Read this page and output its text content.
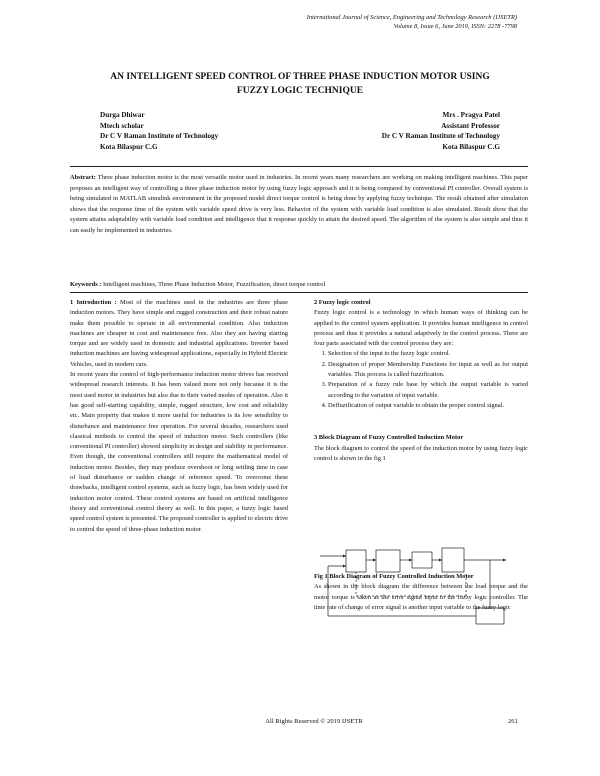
International Journal of Science, Engineering and Technology Research (IJSETR)
Volume 8, Issue 6, June 2019, ISSN: 2278 -7798
AN INTELLIGENT SPEED CONTROL OF THREE PHASE INDUCTION MOTOR USING
FUZZY LOGIC TECHNIQUE
Durga Dhiwar
Mtech scholar
Dr C V Raman Institute of Technology
Kota Bilaspur C.G
Mrs . Pragya Patel
Assistant Professor
Dr C V Raman Institute of Technology
Kota Bilaspur C.G
Abstract: Three phase induction motor is the most versatile motor used in industries. In recent years many researchers are working on making intelligent machines. This paper proposes an intelligent way of controlling a three phase induction motor by using fuzzy logic approach and it is being compared by conventional PI controller. Overall system is being simulated in MATLAB simulink environment in the proposed model direct torque control is being done by applying fuzzy technique. The result obtained after simulation shows that the response time of the system with variable speed drive is very less. Behavior of the system with variable load condition is also simulated. Result show that the system attains adaptability with variable load condition and intelligence that it response quickly to attain the desired speed. The algorithm of the system is also simple and thus it can easily be implemented in industries.
Keywords : Intelligent machines, Three Phase Induction Motor, Fuzzification, direct torque control

1 Introduction : Most of the machines used in the industries are three phase induction motors. They have simple and rugged construction and their robust nature make them possible to operate in all environmental condition. Also induction machines are cheaper in cost and maintenance free. Also they are having starting torque and are widely used in domestic and industrial applications. Inverter based induction machines are having widespread applications, especially in Hybrid Electric Vehicles, used in modern cars.

In recent years the control of high-performance induction motor drives has received widespread research interests. It has been valued more not only because it is the most used motor in industries but also due to their varied modes of operation. Also it has good self-starting capability, simple, rugged structure, low cost and reliability etc. Main property that makes it more useful for industries is its low sensibility to disturbance and maintenance free operation. For several decades, researchers used classical methods to control the speed of induction motor. Such controllers (like conventional PI controller) showed simplicity in design and stability in performance. Even though, the conventional controllers still require the mathematical model of induction motor. Besides, they may produce overshoot or long settling time in case of load disturbance or sudden change of reference speed. To overcome these drawbacks, intelligent control systems, such as fuzzy logic, has been widely used for induction motor control. These control systems are based on artificial intelligence theory and conventional control theory as well. In this paper, a fuzzy logic based speed control system is presented. The proposed controller is applied to electric drive to control the speed of three-phase induction motor.

2 Fuzzy logic control

Fuzzy logic control is a technology in which human ways of thinking can be applied to the control system application. It provides human intelligence in control process and thus it provides a natural adaptively in the control process. There are four parts associated with the control process they are:

1. Selection of the input to the fuzzy logic control.
2. Designation of proper Membership Functions for input as well as for output variables. This process is called fuzzification.
3. Preparation of a fuzzy rule base by which the output variable is varied according to the variation of input variable.
4. Deffuzification of output variable to obtain the proper control signal.

3 Block Diagram of Fuzzy Controlled Induction Motor

The block diagram to control the speed of the induction motor by using fuzzy logic control is shown in the fig 1

Fig 1 Block Diagram of Fuzzy Controlled Induction Motor

As shown in the block diagram the difference between the load torque and the motor torque is taken as the error signal input to the fuzzy logic controller. The time rate of change of error signal is another input variable to the fuzzy logic

All Rights Reserved © 2019 IJSETR	261
